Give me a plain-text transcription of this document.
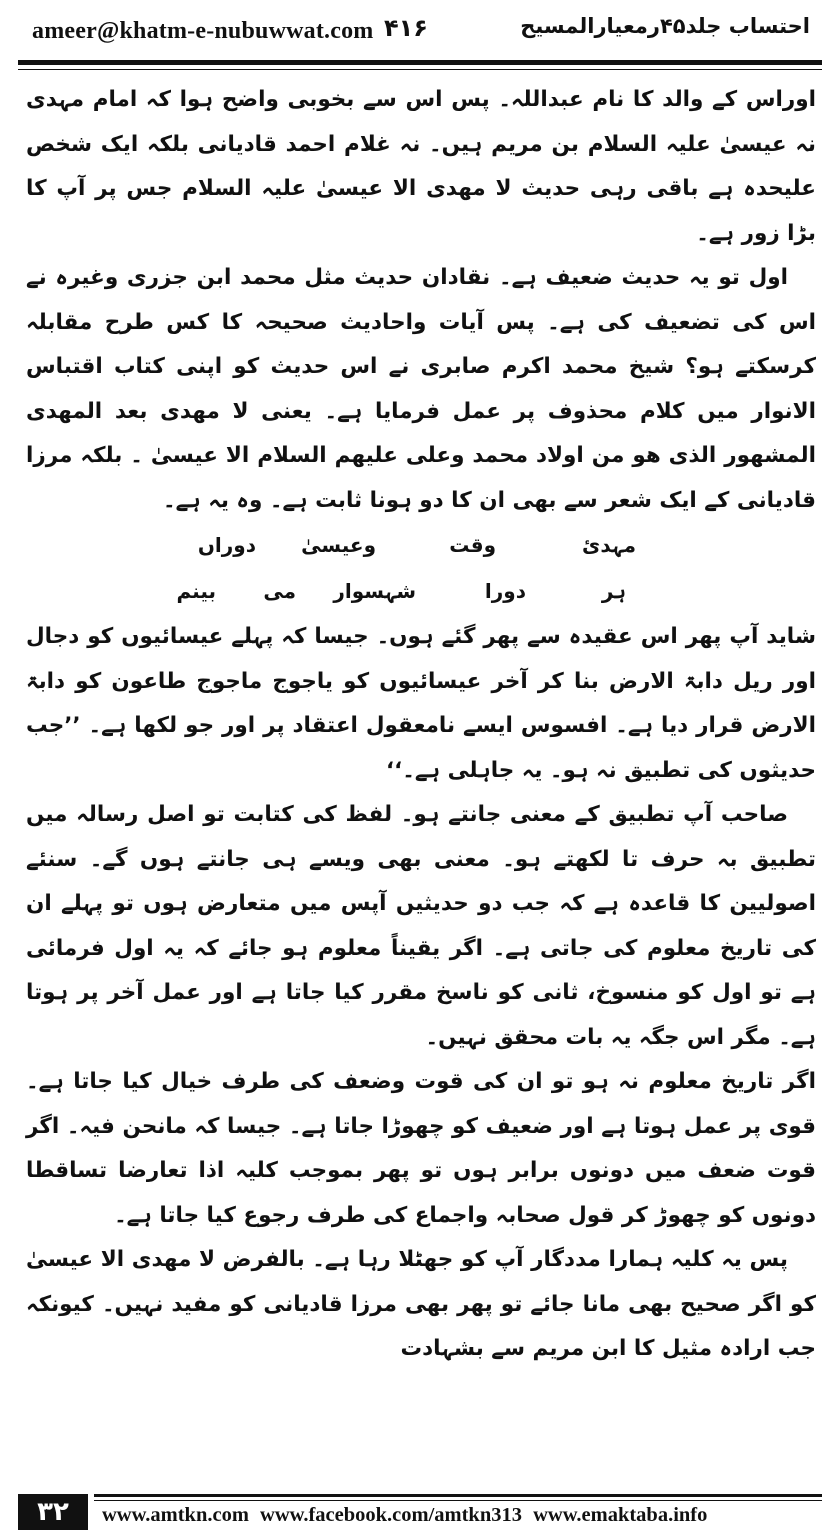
ameer@khatm-e-nubuwwat.com ۴۱۶	احتساب جلد۴۵رمعیارالمسیح

اوراس کے والد کا نام عبداللہ۔ پس اس سے بخوبی واضح ہوا کہ امام مہدی نہ عیسیٰ علیہ السلام بن مریم ہیں۔ نہ غلام احمد قادیانی بلکہ ایک شخص علیحدہ ہے باقی رہی حدیث لا مھدی الا عیسیٰ علیہ السلام جس پر آپ کا بڑا زور ہے۔

اول تو یہ حدیث ضعیف ہے۔ نقادان حدیث مثل محمد ابن جزری وغیرہ نے اس کی تضعیف کی ہے۔ پس آیات واحادیث صحیحہ کا کس طرح مقابلہ کرسکتے ہو؟ شیخ محمد اکرم صابری نے اس حدیث کو اپنی کتاب اقتباس الانوار میں کلام محذوف پر عمل فرمایا ہے۔ یعنی لا مھدی بعد المھدی المشھور الذی ھو من اولاد محمد وعلی علیھم السلام الا عیسیٰ ۔ بلکہ مرزا قادیانی کے ایک شعر سے بھی ان کا دو ہونا ثابت ہے۔ وہ یہ ہے۔

مہدیٔ
وقت
وعیسیٰ
دوراں
ہر
دورا
شہسوار
می
بینم

شاید آپ پھر اس عقیدہ سے پھر گئے ہوں۔ جیسا کہ پہلے عیسائیوں کو دجال اور ریل دابۃ الارض بنا کر آخر عیسائیوں کو یاجوج ماجوج طاعون کو دابۃ الارض قرار دیا ہے۔ افسوس ایسے نامعقول اعتقاد پر اور جو لکھا ہے۔ ’’جب حدیثوں کی تطبیق نہ ہو۔ یہ جاہلی ہے۔‘‘

صاحب آپ تطبیق کے معنی جانتے ہو۔ لفظ کی کتابت تو اصل رسالہ میں تطبیق بہ حرف تا لکھتے ہو۔ معنی بھی ویسے ہی جانتے ہوں گے۔ سنئے اصولیین کا قاعدہ ہے کہ جب دو حدیثیں آپس میں متعارض ہوں تو پہلے ان کی تاریخ معلوم کی جاتی ہے۔ اگر یقیناً معلوم ہو جائے کہ یہ اول فرمائی ہے تو اول کو منسوخ، ثانی کو ناسخ مقرر کیا جاتا ہے اور عمل آخر پر ہوتا ہے۔ مگر اس جگہ یہ بات محقق نہیں۔

اگر تاریخ معلوم نہ ہو تو ان کی قوت وضعف کی طرف خیال کیا جاتا ہے۔ قوی پر عمل ہوتا ہے اور ضعیف کو چھوڑا جاتا ہے۔ جیسا کہ مانحن فیہ۔ اگر قوت ضعف میں دونوں برابر ہوں تو پھر بموجب کلیہ اذا تعارضا تساقطا دونوں کو چھوڑ کر قول صحابہ واجماع کی طرف رجوع کیا جاتا ہے۔

پس یہ کلیہ ہمارا مددگار آپ کو جھٹلا رہا ہے۔ بالفرض لا مھدی الا عیسیٰ کو اگر صحیح بھی مانا جائے تو پھر بھی مرزا قادیانی کو مفید نہیں۔ کیونکہ جب ارادہ مثیل کا ابن مریم سے بشہادت

۳۲	www.amtkn.com www.facebook.com/amtkn313 www.emaktaba.info
